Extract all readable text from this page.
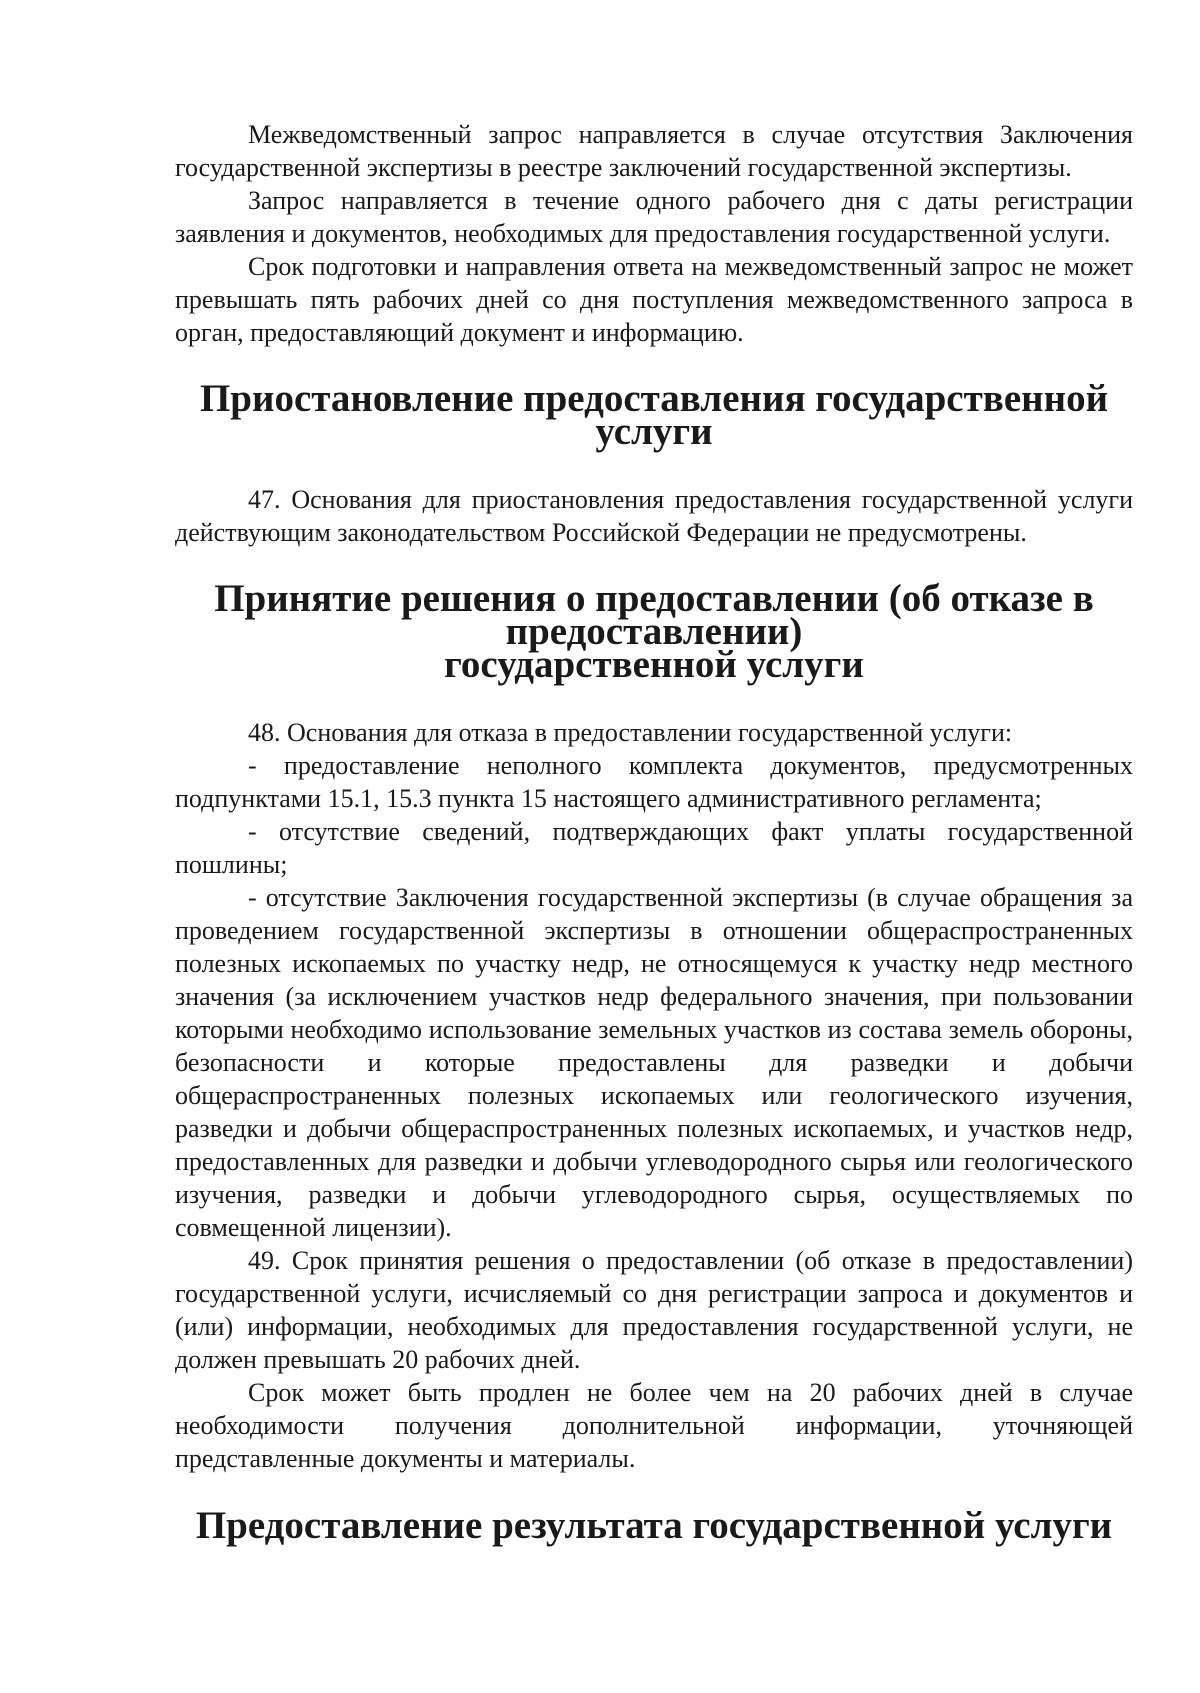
Межведомственный запрос направляется в случае отсутствия Заключения государственной экспертизы в реестре заключений государственной экспертизы.

Запрос направляется в течение одного рабочего дня с даты регистрации заявления и документов, необходимых для предоставления государственной услуги.

Срок подготовки и направления ответа на межведомственный запрос не может превышать пять рабочих дней со дня поступления межведомственного запроса в орган, предоставляющий документ и информацию.

Приостановление предоставления государственной услуги

47. Основания для приостановления предоставления государственной услуги действующим законодательством Российской Федерации не предусмотрены.

Принятие решения о предоставлении (об отказе в предоставлении)
государственной услуги

48. Основания для отказа в предоставлении государственной услуги:

- предоставление неполного комплекта документов, предусмотренных подпунктами 15.1, 15.3 пункта 15 настоящего административного регламента;

- отсутствие сведений, подтверждающих факт уплаты государственной пошлины;

- отсутствие Заключения государственной экспертизы (в случае обращения за проведением государственной экспертизы в отношении общераспространенных полезных ископаемых по участку недр, не относящемуся к участку недр местного значения (за исключением участков недр федерального значения, при пользовании которыми необходимо использование земельных участков из состава земель обороны, безопасности и которые предоставлены для разведки и добычи общераспространенных полезных ископаемых или геологического изучения, разведки и добычи общераспространенных полезных ископаемых, и участков недр, предоставленных для разведки и добычи углеводородного сырья или геологического изучения, разведки и добычи углеводородного сырья, осуществляемых по совмещенной лицензии).

49. Срок принятия решения о предоставлении (об отказе в предоставлении) государственной услуги, исчисляемый со дня регистрации запроса и документов и (или) информации, необходимых для предоставления государственной услуги, не должен превышать 20 рабочих дней.

Срок может быть продлен не более чем на 20 рабочих дней в случае необходимости получения дополнительной информации, уточняющей представленные документы и материалы.

Предоставление результата государственной услуги
